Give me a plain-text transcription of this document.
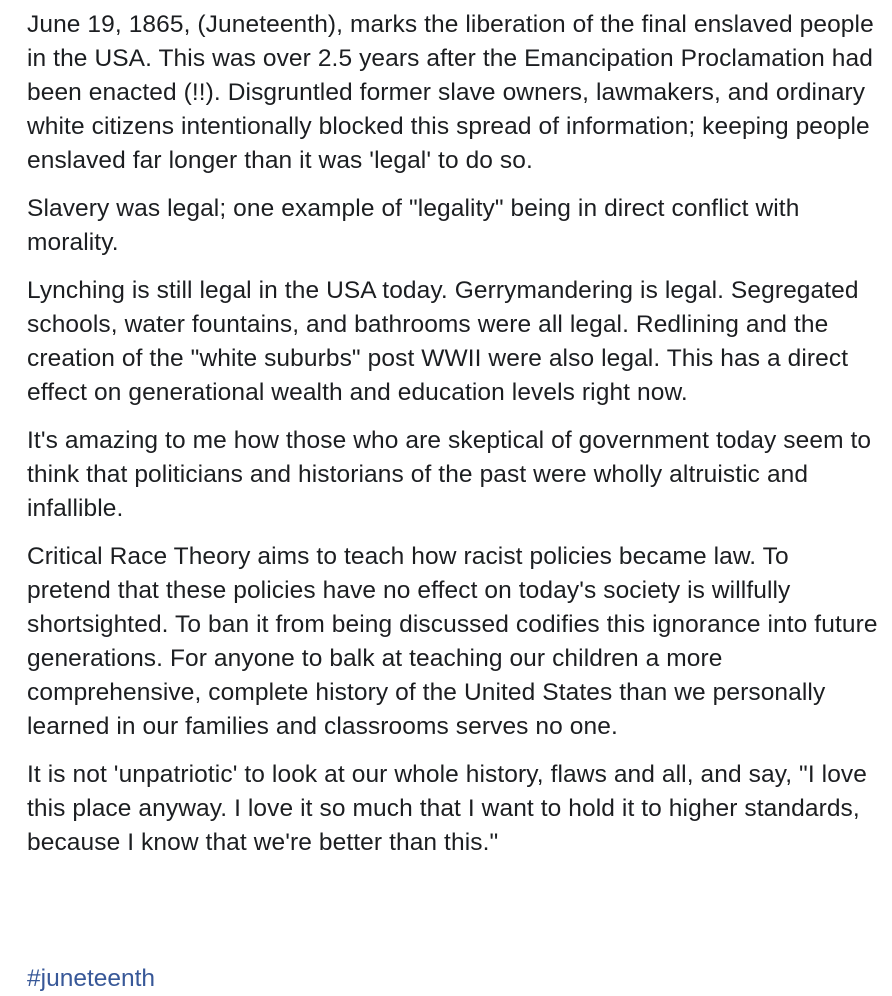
June 19, 1865, (Juneteenth), marks the liberation of the final enslaved people in the USA. This was over 2.5 years after the Emancipation Proclamation had been enacted (!!). Disgruntled former slave owners, lawmakers, and ordinary white citizens intentionally blocked this spread of information; keeping people enslaved far longer than it was 'legal' to do so.

Slavery was legal; one example of "legality" being in direct conflict with morality.

Lynching is still legal in the USA today. Gerrymandering is legal. Segregated schools, water fountains, and bathrooms were all legal. Redlining and the creation of the "white suburbs" post WWII were also legal. This has a direct effect on generational wealth and education levels right now.

It's amazing to me how those who are skeptical of government today seem to think that politicians and historians of the past were wholly altruistic and infallible.

Critical Race Theory aims to teach how racist policies became law. To pretend that these policies have no effect on today's society is willfully shortsighted. To ban it from being discussed codifies this ignorance into future generations. For anyone to balk at teaching our children a more comprehensive, complete history of the United States than we personally learned in our families and classrooms serves no one.

It is not 'unpatriotic' to look at our whole history, flaws and all, and say, "I love this place anyway. I love it so much that I want to hold it to higher standards, because I know that we're better than this."

#juneteenth
